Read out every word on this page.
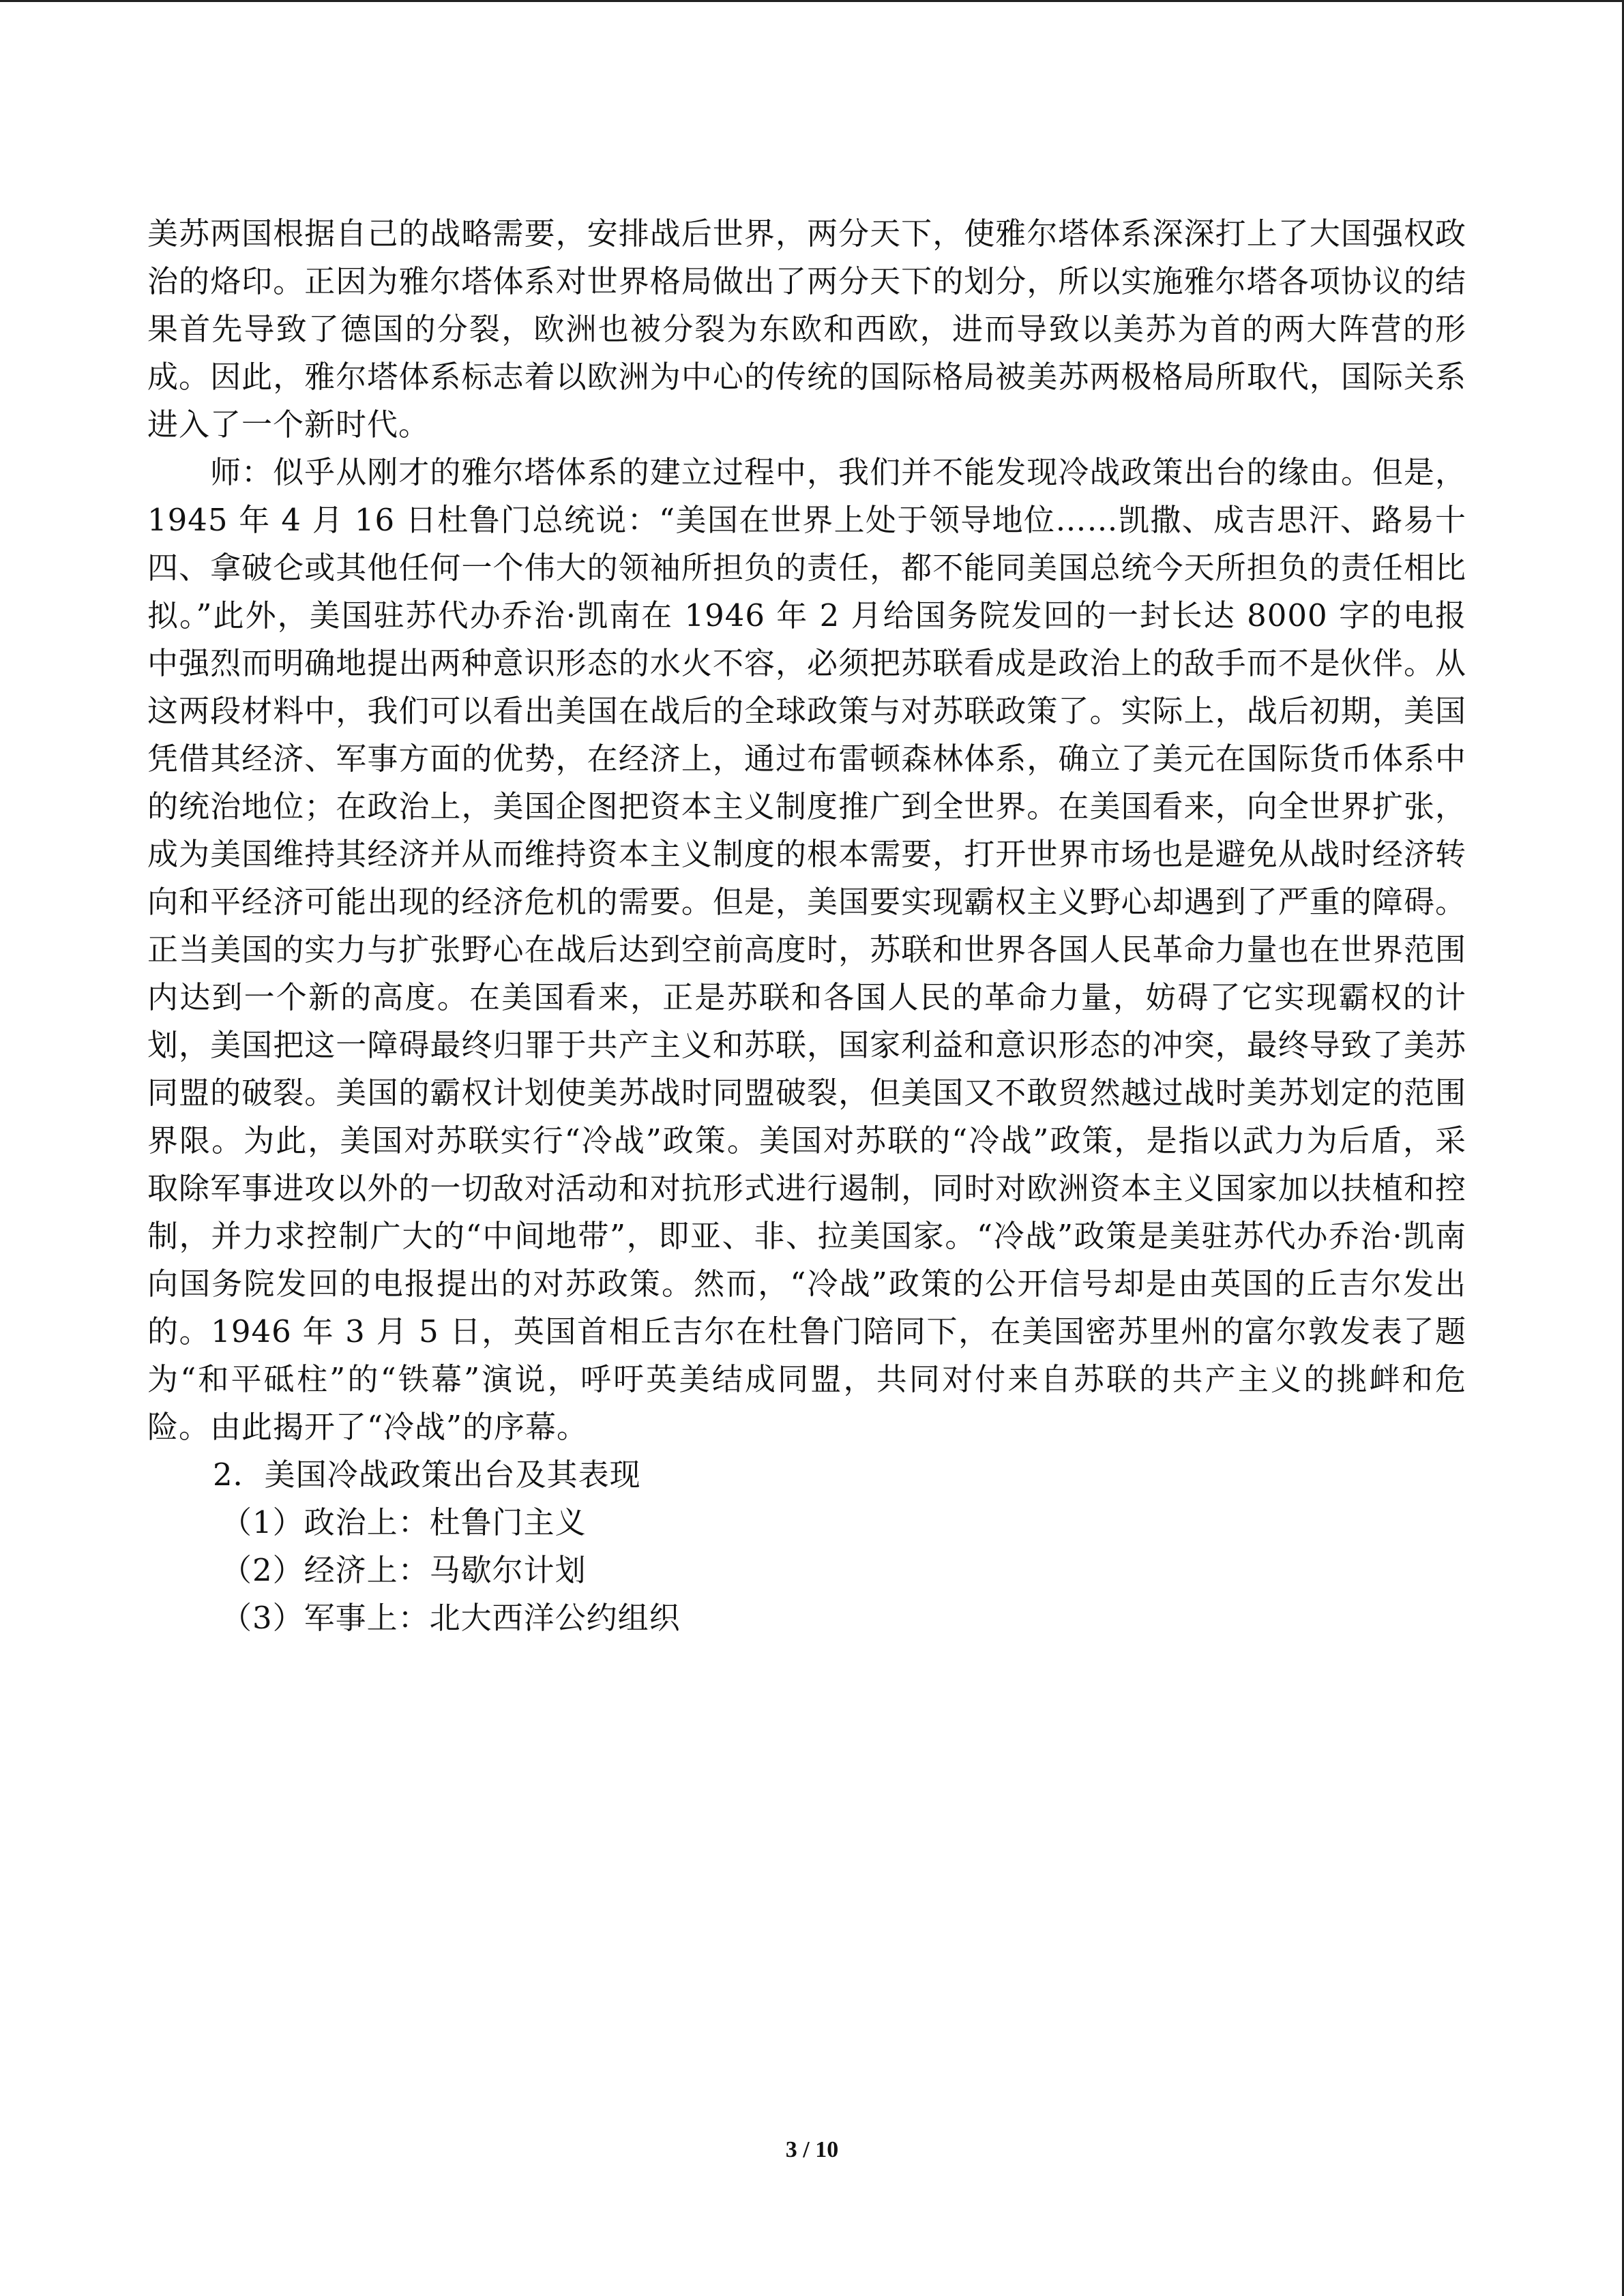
美苏两国根据自己的战略需要，安排战后世界，两分天下，使雅尔塔体系深深打上了大国强权政治的烙印。正因为雅尔塔体系对世界格局做出了两分天下的划分，所以实施雅尔塔各项协议的结果首先导致了德国的分裂，欧洲也被分裂为东欧和西欧，进而导致以美苏为首的两大阵营的形成。因此，雅尔塔体系标志着以欧洲为中心的传统的国际格局被美苏两极格局所取代，国际关系进入了一个新时代。

师：似乎从刚才的雅尔塔体系的建立过程中，我们并不能发现冷战政策出台的缘由。但是，1945 年 4 月 16 日杜鲁门总统说：“美国在世界上处于领导地位……凯撒、成吉思汗、路易十四、拿破仑或其他任何一个伟大的领袖所担负的责任，都不能同美国总统今天所担负的责任相比拟。”此外，美国驻苏代办乔治·凯南在 1946 年 2 月给国务院发回的一封长达 8000 字的电报中强烈而明确地提出两种意识形态的水火不容，必须把苏联看成是政治上的敌手而不是伙伴。从这两段材料中，我们可以看出美国在战后的全球政策与对苏联政策了。实际上，战后初期，美国凭借其经济、军事方面的优势，在经济上，通过布雷顿森林体系，确立了美元在国际货币体系中的统治地位；在政治上，美国企图把资本主义制度推广到全世界。在美国看来，向全世界扩张，成为美国维持其经济并从而维持资本主义制度的根本需要，打开世界市场也是避免从战时经济转向和平经济可能出现的经济危机的需要。但是，美国要实现霸权主义野心却遇到了严重的障碍。正当美国的实力与扩张野心在战后达到空前高度时，苏联和世界各国人民革命力量也在世界范围内达到一个新的高度。在美国看来，正是苏联和各国人民的革命力量，妨碍了它实现霸权的计划，美国把这一障碍最终归罪于共产主义和苏联，国家利益和意识形态的冲突，最终导致了美苏同盟的破裂。美国的霸权计划使美苏战时同盟破裂，但美国又不敢贸然越过战时美苏划定的范围界限。为此，美国对苏联实行“冷战”政策。美国对苏联的“冷战”政策，是指以武力为后盾，采取除军事进攻以外的一切敌对活动和对抗形式进行遏制，同时对欧洲资本主义国家加以扶植和控制，并力求控制广大的“中间地带”，即亚、非、拉美国家。“冷战”政策是美驻苏代办乔治·凯南向国务院发回的电报提出的对苏政策。然而，“冷战”政策的公开信号却是由英国的丘吉尔发出的。1946 年 3 月 5 日，英国首相丘吉尔在杜鲁门陪同下，在美国密苏里州的富尔敦发表了题为“和平砥柱”的“铁幕”演说，呼吁英美结成同盟，共同对付来自苏联的共产主义的挑衅和危险。由此揭开了“冷战”的序幕。

2．美国冷战政策出台及其表现

（1）政治上：杜鲁门主义

（2）经济上：马歇尔计划

（3）军事上：北大西洋公约组织

3 / 10
